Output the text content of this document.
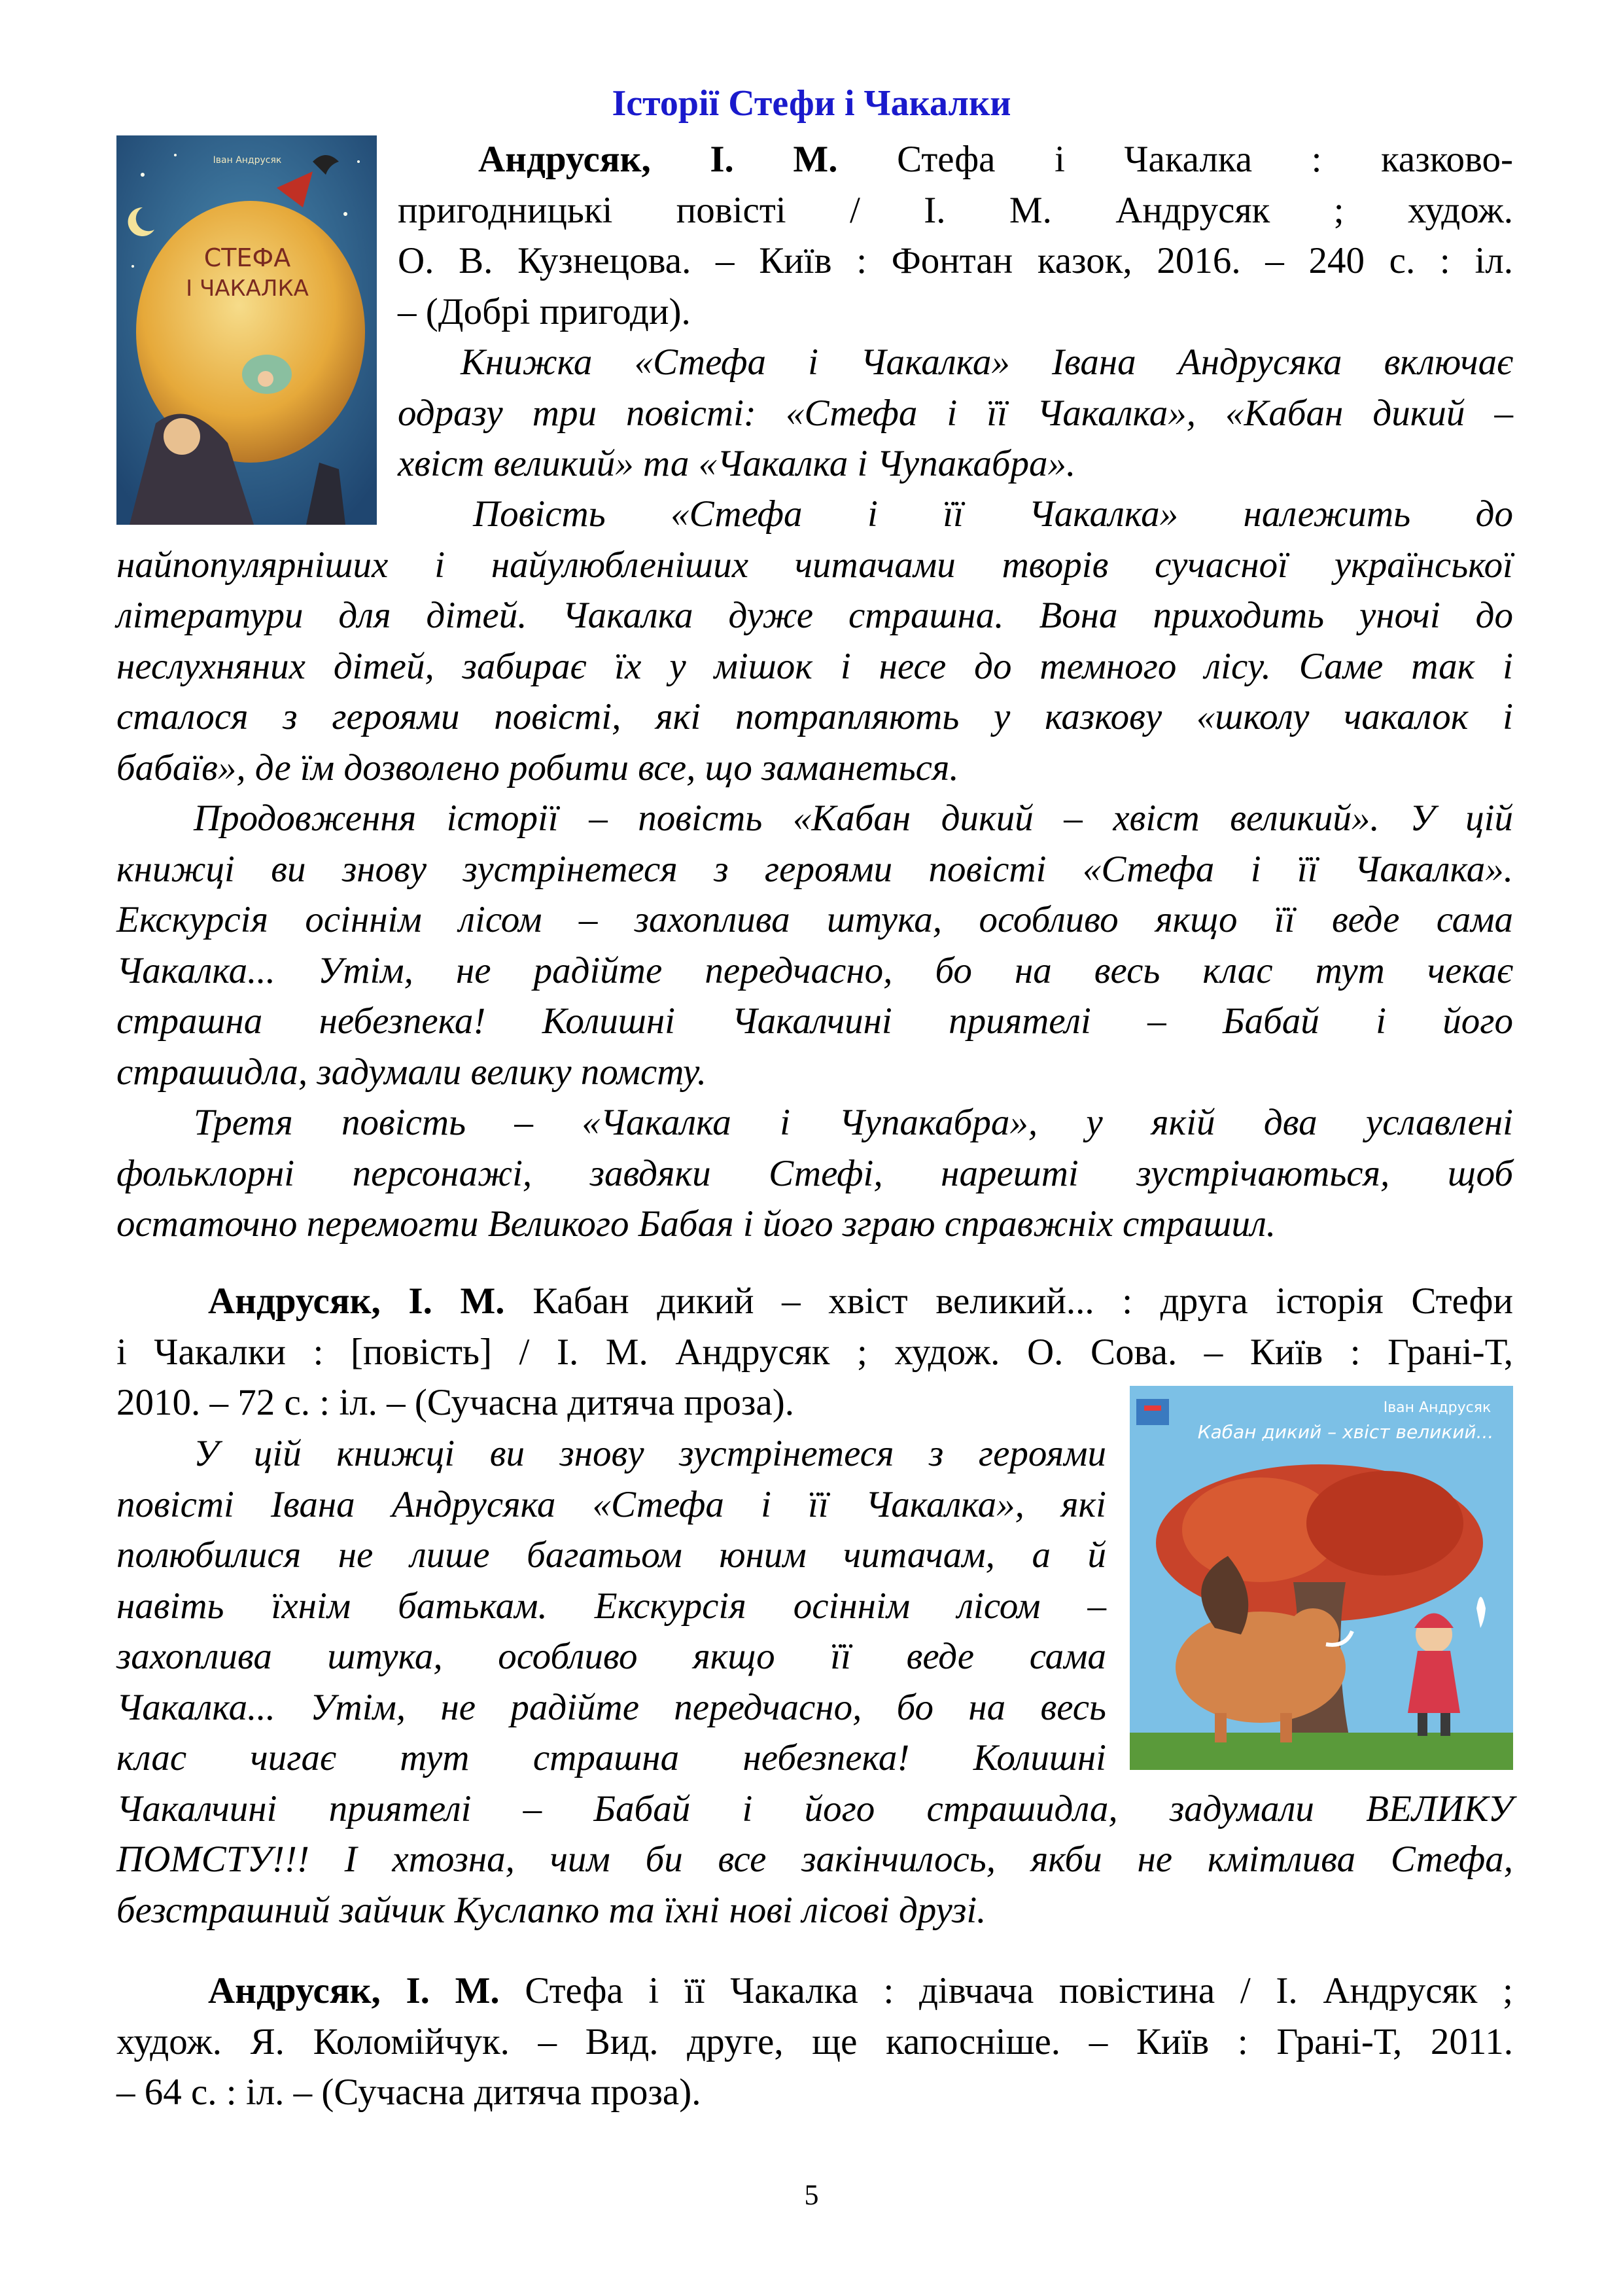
Історії Стефи і Чакалки
Іван Андрусяк
СТЕФА
І ЧАКАЛКА

Андрусяк, І. М. Стефа і Чакалка : казково-
пригодницькі повісті / І. М. Андрусяк ; худож.
О. В. Кузнецова. – Київ : Фонтан казок, 2016. – 240 с. : іл.
– (Добрі пригоди).

Книжка «Стефа і Чакалка» Івана Андрусяка включає
одразу три повісті: «Стефа і її Чакалка», «Кабан дикий –
хвіст великий» та «Чакалка і Чупакабра».

Повість «Стефа і її Чакалка» належить до
найпопулярніших і найулюбленіших читачами творів сучасної української
літератури для дітей. Чакалка дуже страшна. Вона приходить уночі до
неслухняних дітей, забирає їх у мішок і несе до темного лісу. Саме так і
сталося з героями повісті, які потрапляють у казкову «школу чакалок і
бабаїв», де їм дозволено робити все, що заманеться.
Продовження історії – повість «Кабан дикий – хвіст великий». У цій
книжці ви знову зустрінетеся з героями повісті «Стефа і її Чакалка».
Екскурсія осіннім лісом – захоплива штука, особливо якщо її веде сама
Чакалка... Утім, не радійте передчасно, бо на весь клас тут чекає
страшна небезпека! Колишні Чакалчині приятелі – Бабай і його
страшидла, задумали велику помсту.
Третя повість – «Чакалка і Чупакабра», у якій два уславлені
фольклорні персонажі, завдяки Стефі, нарешті зустрічаються, щоб
остаточно перемогти Великого Бабая і його зграю справжніх страшил.
Андрусяк, І. М. Кабан дикий – хвіст великий... : друга історія Стефи
і Чакалки : [повість] / І. М. Андрусяк ; худож. О. Сова. – Київ : Грані-Т,
2010. – 72 с. : іл. – (Сучасна дитяча проза).	Іван Андрусяк
Кабан дикий – хвіст великий...
У цій книжці ви знову зустрінетеся з героями
повісті Івана Андрусяка «Стефа і її Чакалка», які
полюбилися не лише багатьом юним читачам, а й
навіть їхнім батькам. Екскурсія осіннім лісом –
захоплива штука, особливо якщо її веде сама
Чакалка... Утім, не радійте передчасно, бо на весь
клас чигає тут страшна небезпека! Колишні
Чакалчині приятелі – Бабай і його страшидла, задумали ВЕЛИКУ
ПОМСТУ!!! І хтозна, чим би все закінчилось, якби не кмітлива Стефа,
безстрашний зайчик Куслапко та їхні нові лісові друзі.
Андрусяк, І. М. Стефа і її Чакалка : дівчача повістина / І. Андрусяк ;
худож. Я. Коломійчук. – Вид. друге, ще капосніше. – Київ : Грані-Т, 2011.
– 64 с. : іл. – (Сучасна дитяча проза).
5
